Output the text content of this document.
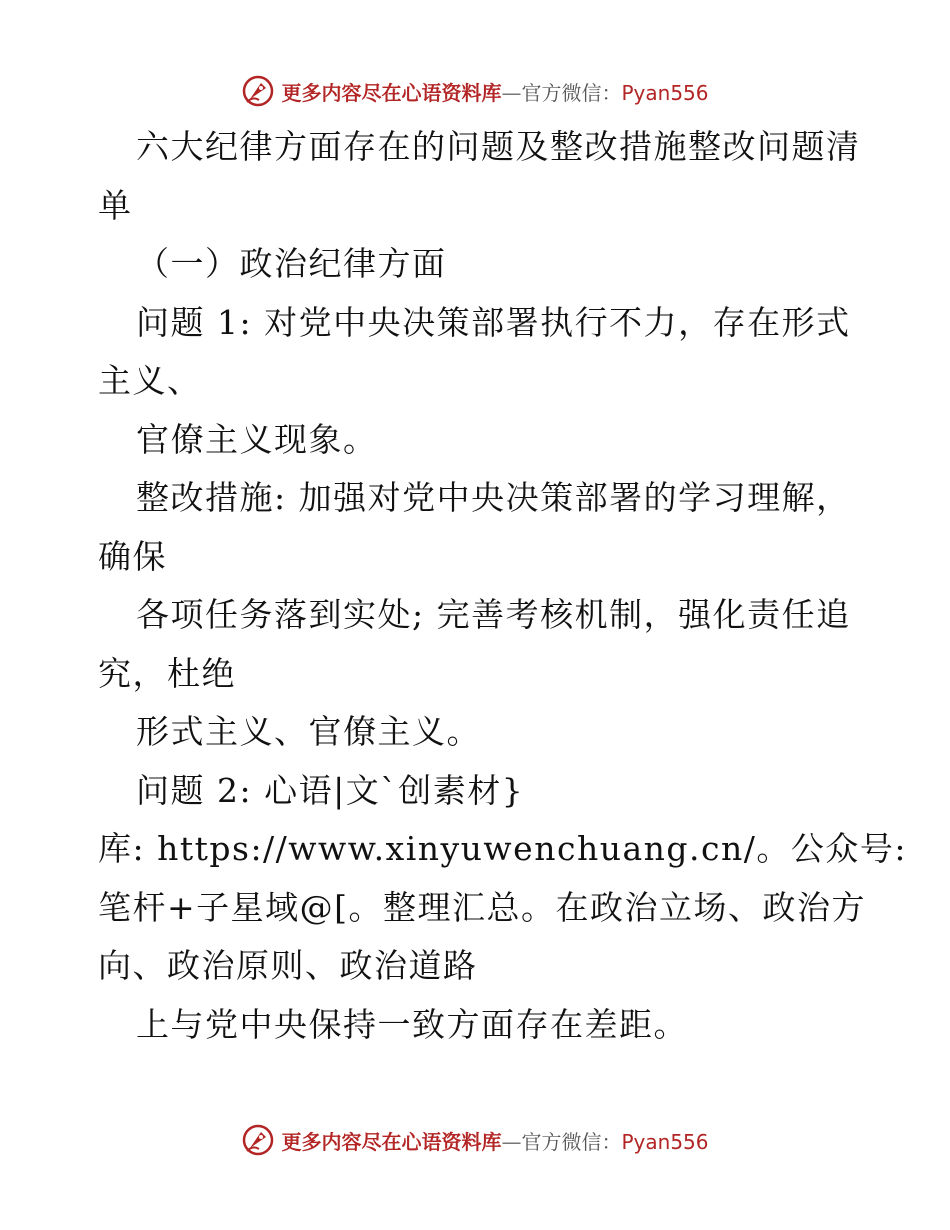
更多内容尽在心语资料库—官方微信：Pyan556
六大纪律方面存在的问题及整改措施整改问题清
单
（一）政治纪律方面
问题 1: 对党中央决策部署执行不力，存在形式
主义、
官僚主义现象。
整改措施: 加强对党中央决策部署的学习理解，
确保
各项任务落到实处; 完善考核机制，强化责任追
究，杜绝
形式主义、官僚主义。
问题 2: 心语|文`创素材}
库: https://www.xinyuwenchuang.cn/。公众号:
笔杆+子星域@[。整理汇总。在政治立场、政治方
向、政治原则、政治道路
上与党中央保持一致方面存在差距。
更多内容尽在心语资料库—官方微信：Pyan556
